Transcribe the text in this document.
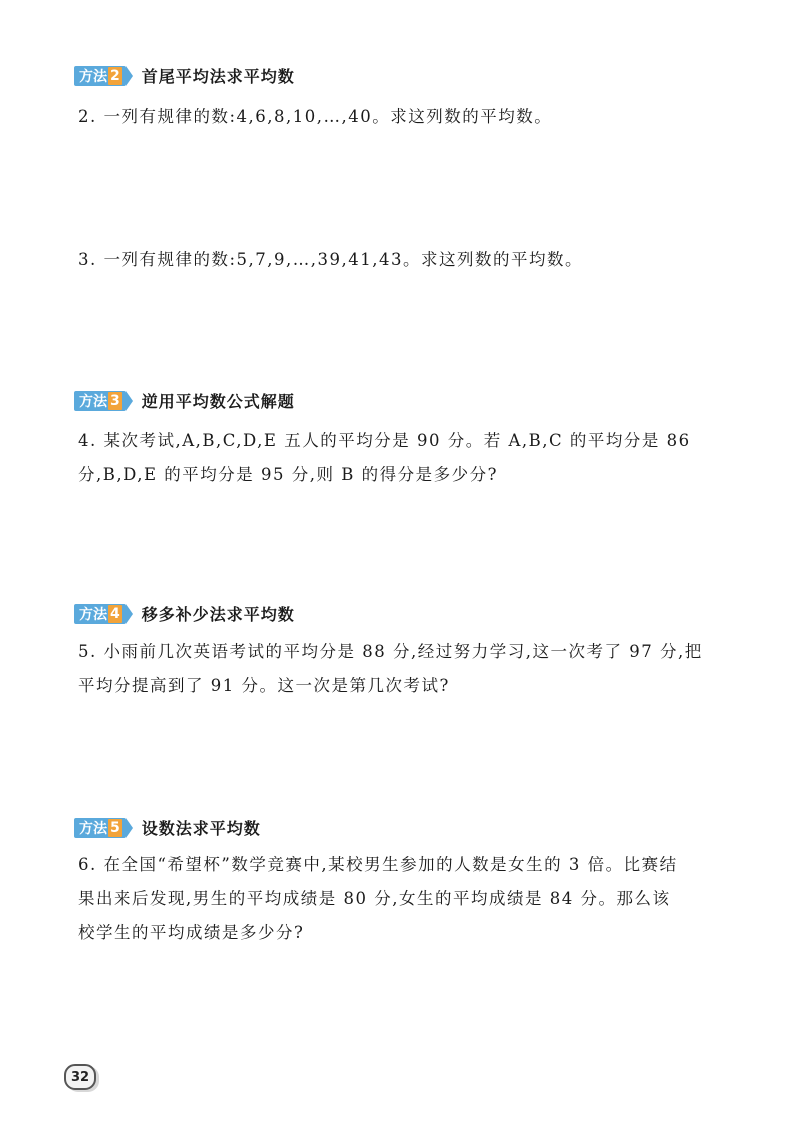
方法 2 首尾平均法求平均数
2. 一列有规律的数:4,6,8,10,…,40。求这列数的平均数。
3. 一列有规律的数:5,7,9,…,39,41,43。求这列数的平均数。
方法 3 逆用平均数公式解题
4. 某次考试,A,B,C,D,E 五人的平均分是 90 分。若 A,B,C 的平均分是 86
分,B,D,E 的平均分是 95 分,则 B 的得分是多少分?
方法 4 移多补少法求平均数
5. 小雨前几次英语考试的平均分是 88 分,经过努力学习,这一次考了 97 分,把
平均分提高到了 91 分。这一次是第几次考试?
方法 5 设数法求平均数
6. 在全国“希望杯”数学竞赛中,某校男生参加的人数是女生的 3 倍。比赛结
果出来后发现,男生的平均成绩是 80 分,女生的平均成绩是 84 分。那么该
校学生的平均成绩是多少分?
32
